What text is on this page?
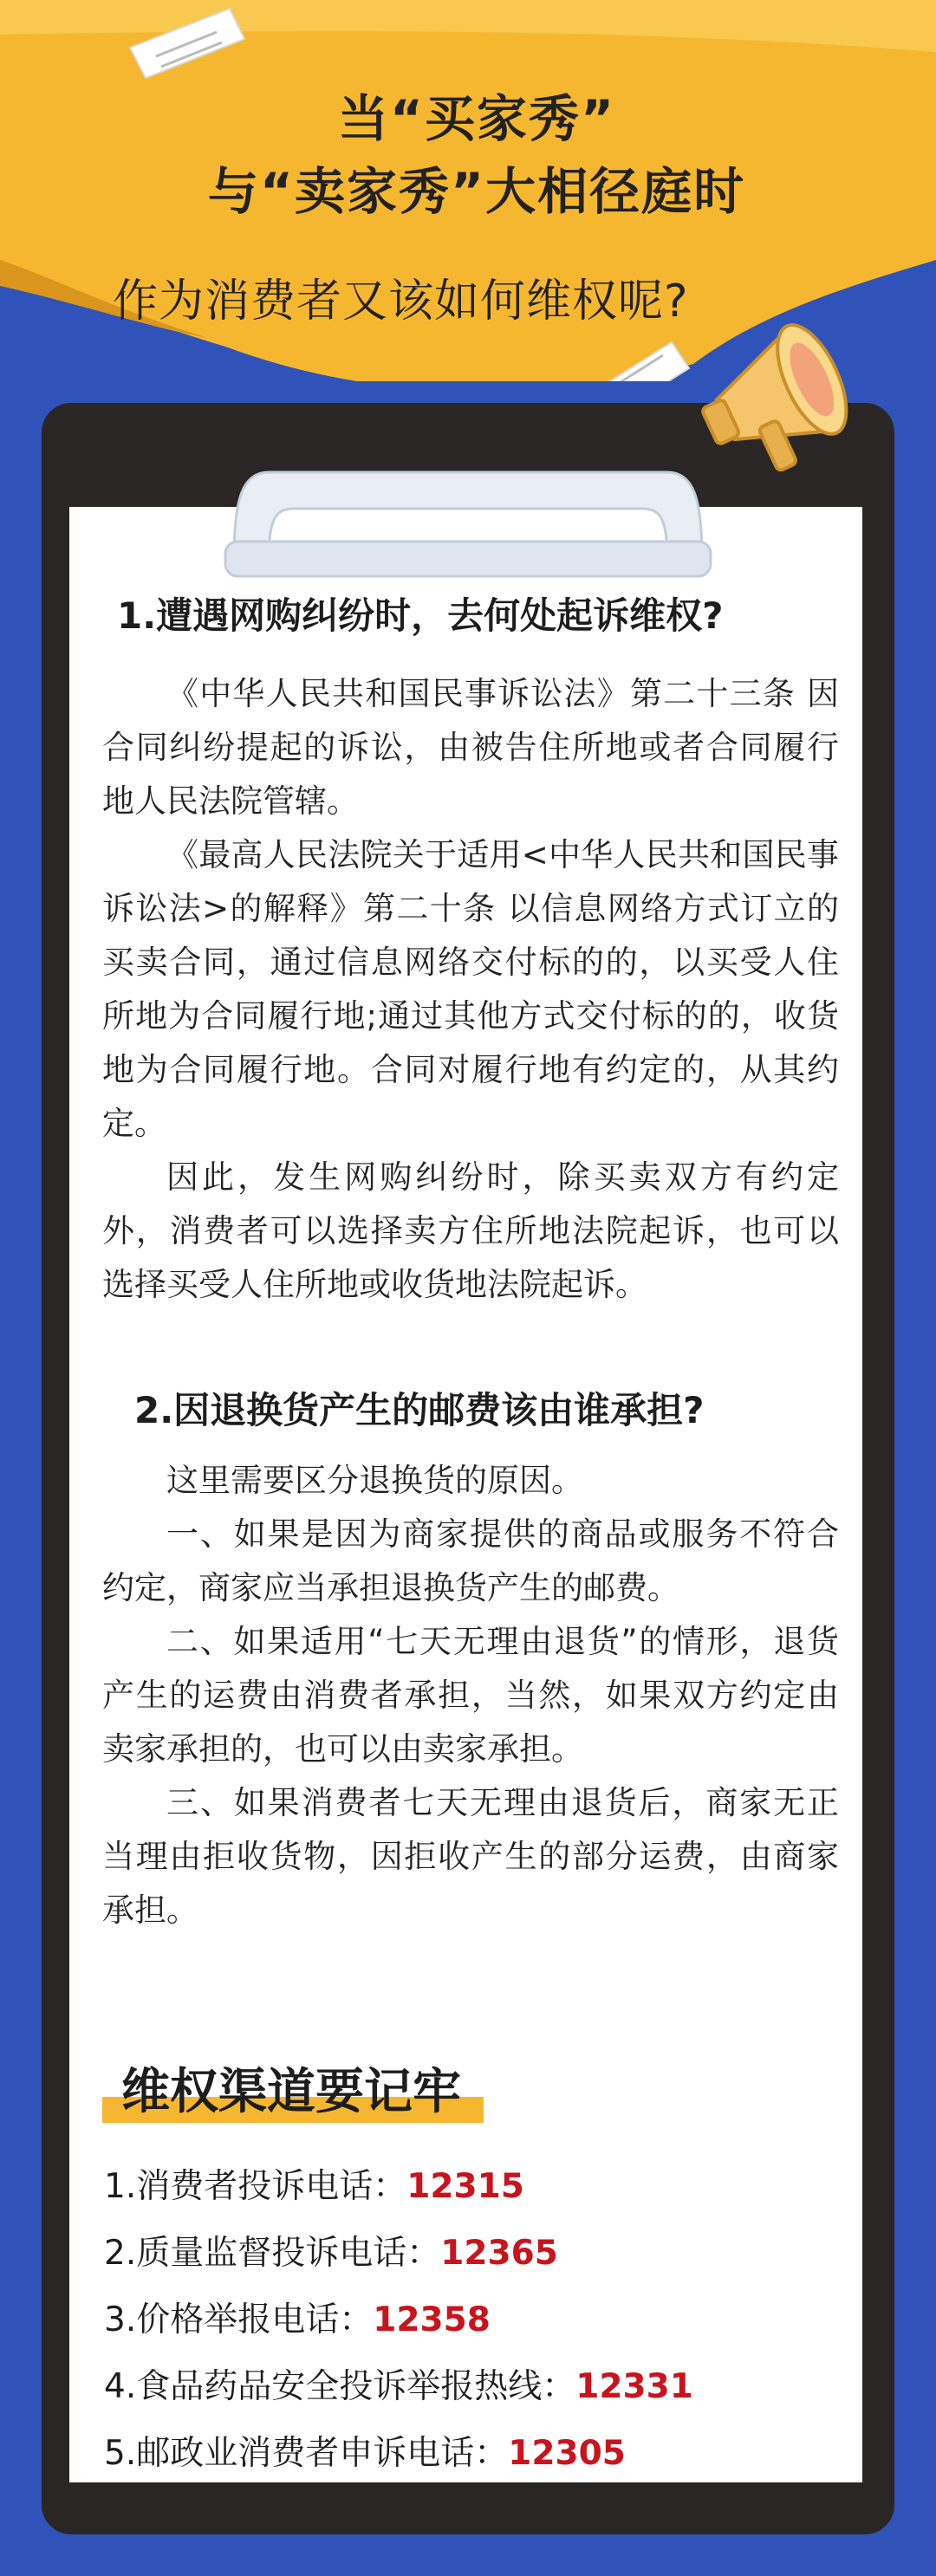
当“买家秀”

与“卖家秀”大相径庭时

作为消费者又该如何维权呢?
1.遭遇网购纠纷时，去何处起诉维权?

《中华人民共和国民事诉讼法》第二十三条 因合同纠纷提起的诉讼，由被告住所地或者合同履行地人民法院管辖。

《最高人民法院关于适用<中华人民共和国民事诉讼法>的解释》第二十条 以信息网络方式订立的买卖合同，通过信息网络交付标的的，以买受人住所地为合同履行地;通过其他方式交付标的的，收货地为合同履行地。合同对履行地有约定的，从其约定。

因此，发生网购纠纷时，除买卖双方有约定外，消费者可以选择卖方住所地法院起诉，也可以选择买受人住所地或收货地法院起诉。

2.因退换货产生的邮费该由谁承担?

这里需要区分退换货的原因。

一、如果是因为商家提供的商品或服务不符合约定，商家应当承担退换货产生的邮费。

二、如果适用“七天无理由退货”的情形，退货产生的运费由消费者承担，当然，如果双方约定由卖家承担的，也可以由卖家承担。

三、如果消费者七天无理由退货后，商家无正当理由拒收货物，因拒收产生的部分运费，由商家承担。

维权渠道要记牢
1.消费者投诉电话：12315
2.质量监督投诉电话：12365
3.价格举报电话：12358
4.食品药品安全投诉举报热线：12331
5.邮政业消费者申诉电话：12305
